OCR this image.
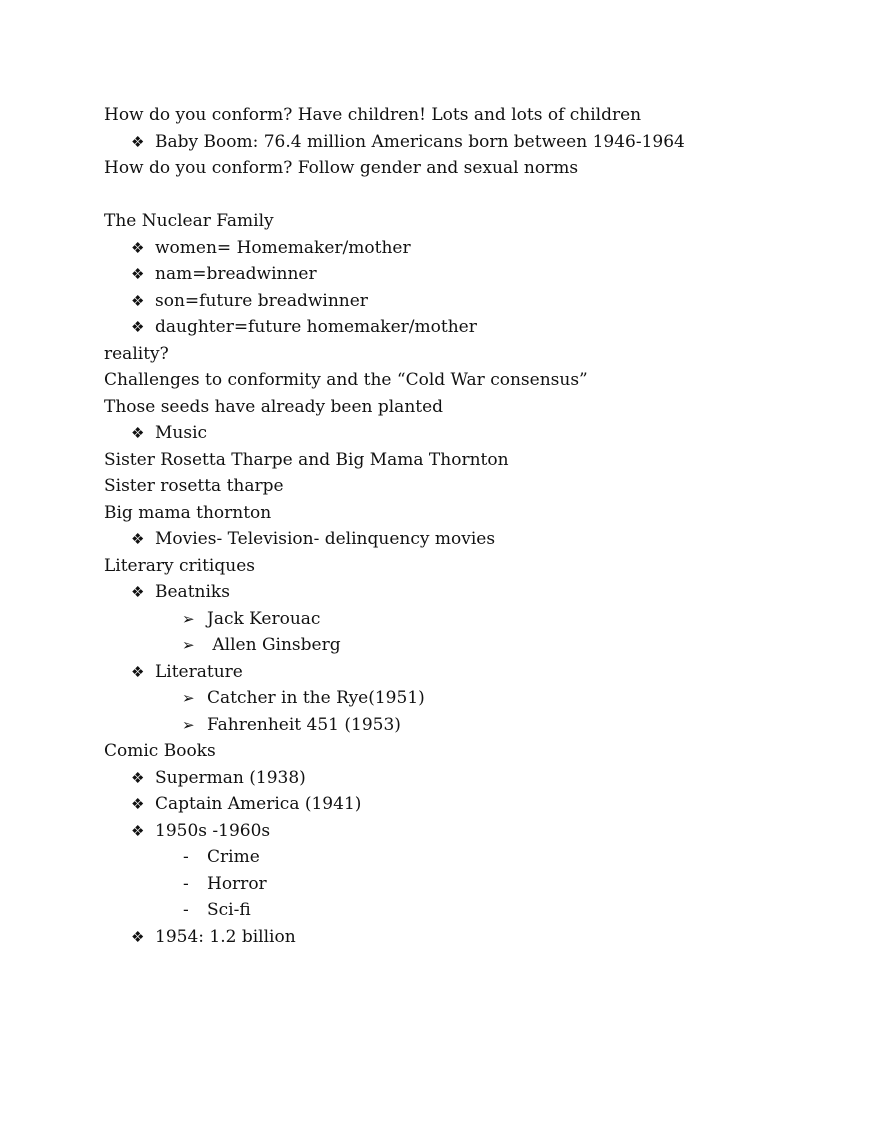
How do you conform? Have children! Lots and lots of children
❖ Baby Boom: 76.4 million Americans born between 1946-1964
How do you conform? Follow gender and sexual norms
The Nuclear Family
❖ women= Homemaker/mother
❖ nam=breadwinner
❖ son=future breadwinner
❖ daughter=future homemaker/mother
reality?
Challenges to conformity and the “Cold War consensus”
Those seeds have already been planted
❖ Music
Sister Rosetta Tharpe and Big Mama Thornton
Sister rosetta tharpe
Big mama thornton
❖ Movies- Television- delinquency movies
Literary critiques
❖ Beatniks
➢ Jack Kerouac
➢ Allen Ginsberg
❖ Literature
➢ Catcher in the Rye(1951)
➢ Fahrenheit 451 (1953)
Comic Books
❖ Superman (1938)
❖ Captain America (1941)
❖ 1950s -1960s
- Crime
- Horror
- Sci-fi
❖ 1954: 1.2 billion
